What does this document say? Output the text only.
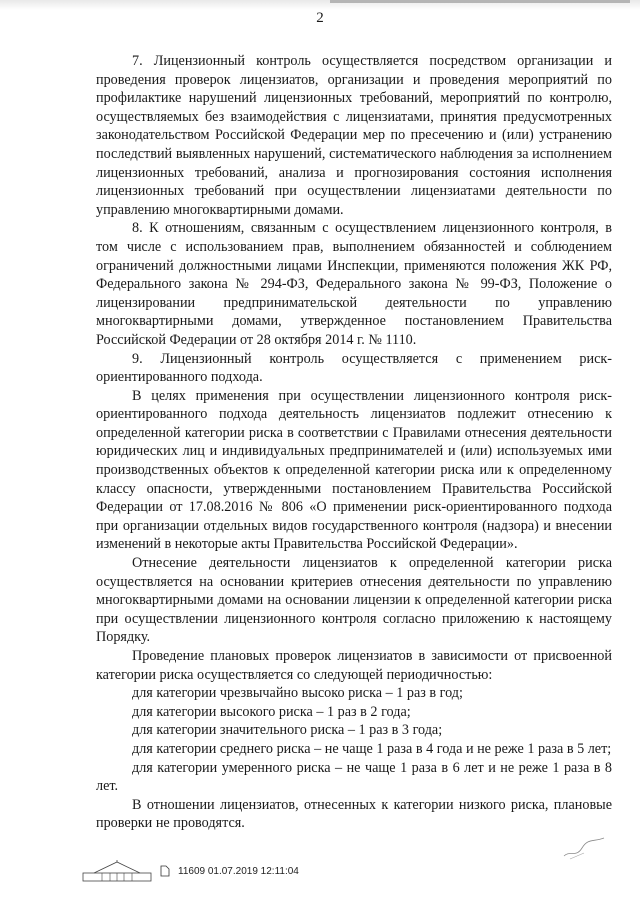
2

7. Лицензионный контроль осуществляется посредством организации и проведения проверок лицензиатов, организации и проведения мероприятий по профилактике нарушений лицензионных требований, мероприятий по контролю, осуществляемых без взаимодействия с лицензиатами, принятия предусмотренных законодательством Российской Федерации мер по пресечению и (или) устранению последствий выявленных нарушений, систематического наблюдения за исполнением лицензионных требований, анализа и прогнозирования состояния исполнения лицензионных требований при осуществлении лицензиатами деятельности по управлению многоквартирными домами.

8. К отношениям, связанным с осуществлением лицензионного контроля, в том числе с использованием прав, выполнением обязанностей и соблюдением ограничений должностными лицами Инспекции, применяются положения ЖК РФ, Федерального закона № 294-ФЗ, Федерального закона № 99-ФЗ, Положение о лицензировании предпринимательской деятельности по управлению многоквартирными домами, утвержденное постановлением Правительства Российской Федерации от 28 октября 2014 г. № 1110.

9. Лицензионный контроль осуществляется с применением риск-ориентированного подхода.

В целях применения при осуществлении лицензионного контроля риск-ориентированного подхода деятельность лицензиатов подлежит отнесению к определенной категории риска в соответствии с Правилами отнесения деятельности юридических лиц и индивидуальных предпринимателей и (или) используемых ими производственных объектов к определенной категории риска или к определенному классу опасности, утвержденными постановлением Правительства Российской Федерации от 17.08.2016 № 806 «О применении риск-ориентированного подхода при организации отдельных видов государственного контроля (надзора) и внесении изменений в некоторые акты Правительства Российской Федерации».

Отнесение деятельности лицензиатов к определенной категории риска осуществляется на основании критериев отнесения деятельности по управлению многоквартирными домами на основании лицензии к определенной категории риска при осуществлении лицензионного контроля согласно приложению к настоящему Порядку.

Проведение плановых проверок лицензиатов в зависимости от присвоенной категории риска осуществляется со следующей периодичностью:

для категории чрезвычайно высоко риска – 1 раз в год;

для категории высокого риска – 1 раз в 2 года;

для категории значительного риска – 1 раз в 3 года;

для категории среднего риска – не чаще 1 раза в 4 года и не реже 1 раза в 5 лет;

для категории умеренного риска – не чаще 1 раза в 6 лет и не реже 1 раза в 8 лет.

В отношении лицензиатов, отнесенных к категории низкого риска, плановые проверки не проводятся.

11609 01.07.2019 12:11:04
